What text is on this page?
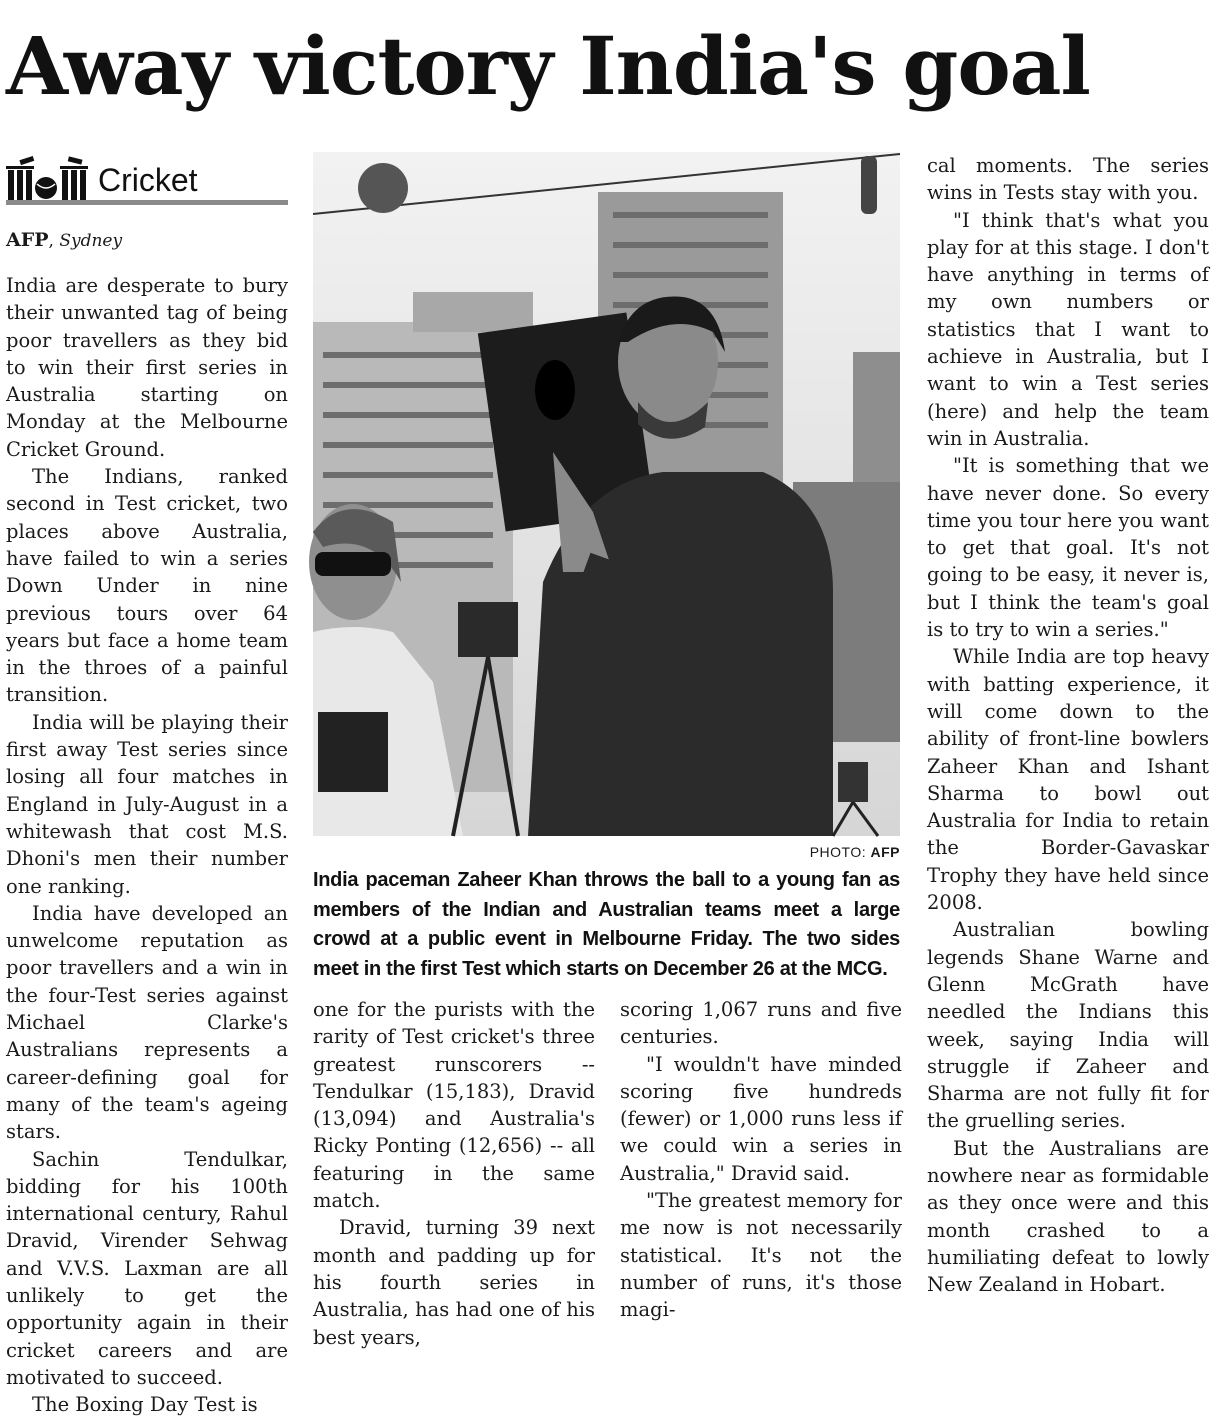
Away victory India's goal
Cricket
AFP, Sydney

India are desperate to bury their unwanted tag of being poor travellers as they bid to win their first series in Australia starting on Monday at the Melbourne Cricket Ground.

The Indians, ranked second in Test cricket, two places above Australia, have failed to win a series Down Under in nine previous tours over 64 years but face a home team in the throes of a painful transition.

India will be playing their first away Test series since losing all four matches in England in July-August in a whitewash that cost M.S. Dhoni's men their number one ranking.

India have developed an unwelcome reputation as poor travellers and a win in the four-Test series against Michael Clarke's Australians represents a career-defining goal for many of the team's ageing stars.

Sachin Tendulkar, bidding for his 100th international century, Rahul Dravid, Virender Sehwag and V.V.S. Laxman are all unlikely to get the opportunity again in their cricket careers and are motivated to succeed.

The Boxing Day Test is

PHOTO: AFP
India paceman Zaheer Khan throws the ball to a young fan as members of the Indian and Australian teams meet a large crowd at a public event in Melbourne Friday. The two sides meet in the first Test which starts on December 26 at the MCG.

one for the purists with the rarity of Test cricket's three greatest runscorers -- Tendulkar (15,183), Dravid (13,094) and Australia's Ricky Ponting (12,656) -- all featuring in the same match.

Dravid, turning 39 next month and padding up for his fourth series in Australia, has had one of his best years,

scoring 1,067 runs and five centuries.

"I wouldn't have minded scoring five hundreds (fewer) or 1,000 runs less if we could win a series in Australia," Dravid said.

"The greatest memory for me now is not necessarily statistical. It's not the number of runs, it's those magi-

cal moments. The series wins in Tests stay with you.

"I think that's what you play for at this stage. I don't have anything in terms of my own numbers or statistics that I want to achieve in Australia, but I want to win a Test series (here) and help the team win in Australia.

"It is something that we have never done. So every time you tour here you want to get that goal. It's not going to be easy, it never is, but I think the team's goal is to try to win a series."

While India are top heavy with batting experience, it will come down to the ability of front-line bowlers Zaheer Khan and Ishant Sharma to bowl out Australia for India to retain the Border-Gavaskar Trophy they have held since 2008.

Australian bowling legends Shane Warne and Glenn McGrath have needled the Indians this week, saying India will struggle if Zaheer and Sharma are not fully fit for the gruelling series.

But the Australians are nowhere near as formidable as they once were and this month crashed to a humiliating defeat to lowly New Zealand in Hobart.
